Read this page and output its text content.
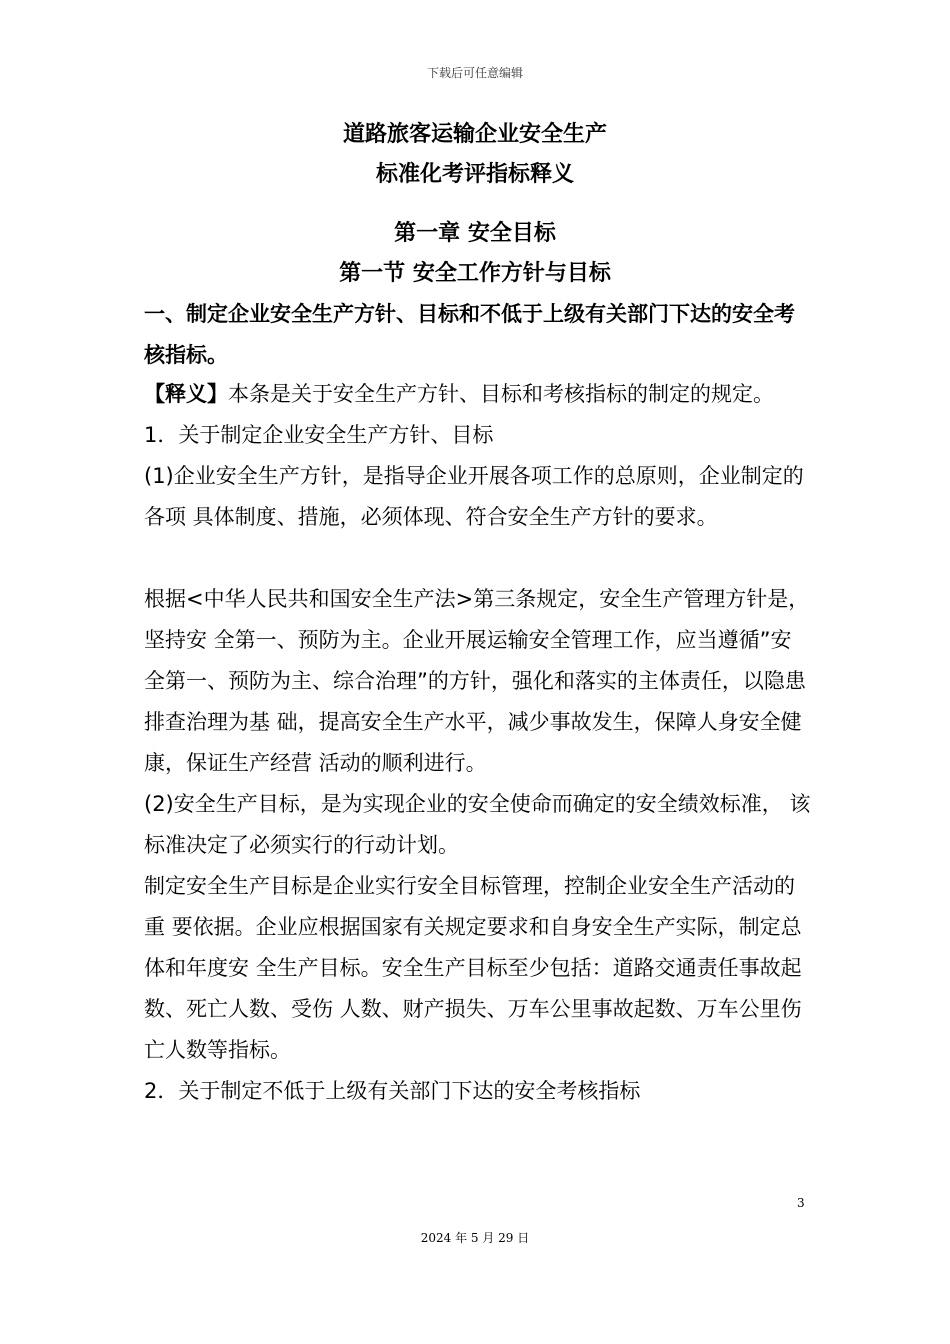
下载后可任意编辑
道路旅客运输企业安全生产
标准化考评指标释义
第一章 安全目标
第一节 安全工作方针与目标

一、制定企业安全生产方针、目标和不低于上级有关部门下达的安全考核指标。

【释义】本条是关于安全生产方针、目标和考核指标的制定的规定。

1．关于制定企业安全生产方针、目标

(1)企业安全生产方针，是指导企业开展各项工作的总原则，企业制定的各项 具体制度、措施，必须体现、符合安全生产方针的要求。

根据<中华人民共和国安全生产法>第三条规定，安全生产管理方针是，坚持安 全第一、预防为主。企业开展运输安全管理工作，应当遵循”安全第一、预防为主、综合治理”的方针，强化和落实的主体责任，以隐患排查治理为基 础，提高安全生产水平，减少事故发生，保障人身安全健康，保证生产经营 活动的顺利进行。

(2)安全生产目标，是为实现企业的安全使命而确定的安全绩效标准， 该标准决定了必须实行的行动计划。

制定安全生产目标是企业实行安全目标管理，控制企业安全生产活动的重 要依据。企业应根据国家有关规定要求和自身安全生产实际，制定总体和年度安 全生产目标。安全生产目标至少包括：道路交通责任事故起数、死亡人数、受伤 人数、财产损失、万车公里事故起数、万车公里伤亡人数等指标。

2．关于制定不低于上级有关部门下达的安全考核指标

3
2024 年 5 月 29 日
